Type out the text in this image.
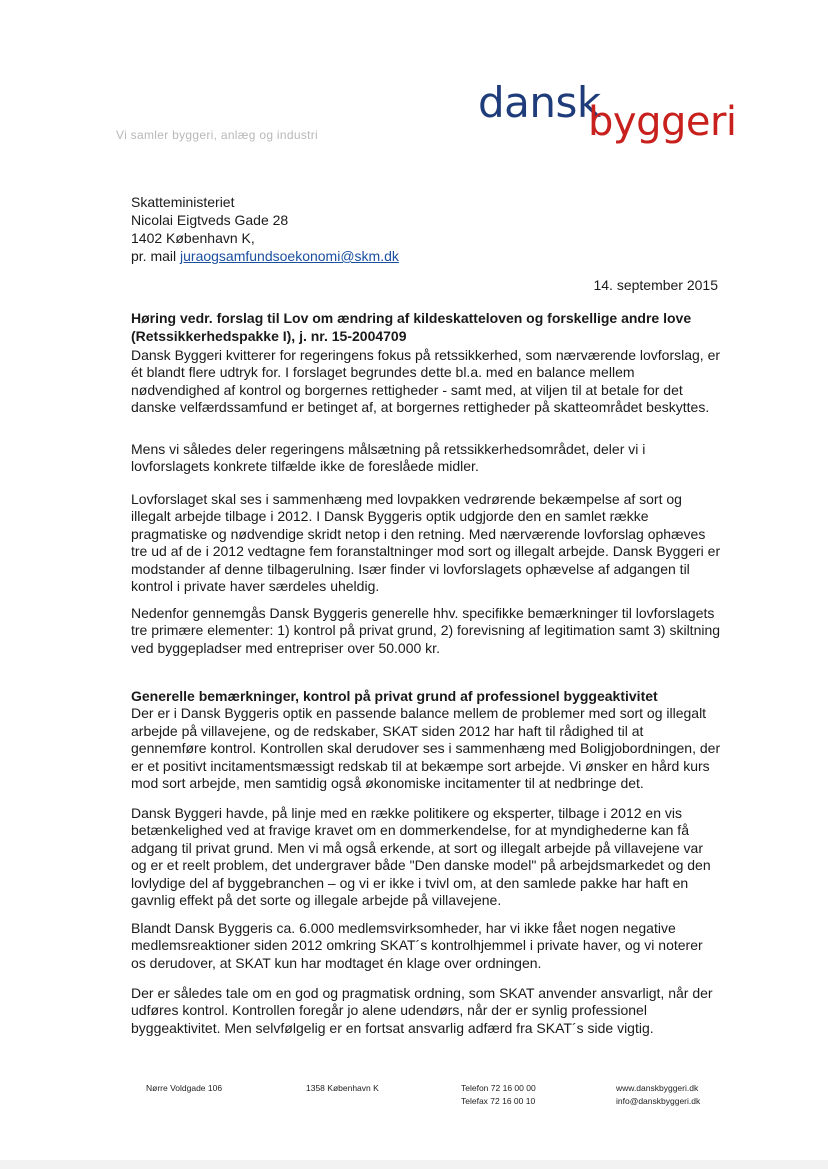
Vi samler byggeri, anlæg og industri
dansk
byggeri
Skatteministeriet
Nicolai Eigtveds Gade 28
1402 København K,
pr. mail juraogsamfundsoekonomi@skm.dk
14. september 2015
Høring vedr. forslag til Lov om ændring af kildeskatteloven og forskellige andre love (Retssikkerhedspakke I), j. nr. 15-2004709
Dansk Byggeri kvitterer for regeringens fokus på retssikkerhed, som nærværende lovforslag, er ét blandt flere udtryk for. I forslaget begrundes dette bl.a. med en balance mellem nødvendighed af kontrol og borgernes rettigheder - samt med, at viljen til at betale for det danske velfærdssamfund er betinget af, at borgernes rettigheder på skatteområdet beskyttes.
Mens vi således deler regeringens målsætning på retssikkerhedsområdet, deler vi i lovforslagets konkrete tilfælde ikke de foreslåede midler.
Lovforslaget skal ses i sammenhæng med lovpakken vedrørende bekæmpelse af sort og illegalt arbejde tilbage i 2012. I Dansk Byggeris optik udgjorde den en samlet række pragmatiske og nødvendige skridt netop i den retning. Med nærværende lovforslag ophæves tre ud af de i 2012 vedtagne fem foranstaltninger mod sort og illegalt arbejde. Dansk Byggeri er modstander af denne tilbagerulning. Især finder vi lovforslagets ophævelse af adgangen til kontrol i private haver særdeles uheldig.
Nedenfor gennemgås Dansk Byggeris generelle hhv. specifikke bemærkninger til lovforslagets tre primære elementer: 1) kontrol på privat grund, 2) forevisning af legitimation samt 3) skiltning ved byggepladser med entrepriser over 50.000 kr.
Generelle bemærkninger, kontrol på privat grund af professionel byggeaktivitet
Der er i Dansk Byggeris optik en passende balance mellem de problemer med sort og illegalt arbejde på villavejene, og de redskaber, SKAT siden 2012 har haft til rådighed til at gennemføre kontrol. Kontrollen skal derudover ses i sammenhæng med Boligjobordningen, der er et positivt incitamentsmæssigt redskab til at bekæmpe sort arbejde. Vi ønsker en hård kurs mod sort arbejde, men samtidig også økonomiske incitamenter til at nedbringe det.
Dansk Byggeri havde, på linje med en række politikere og eksperter, tilbage i 2012 en vis betænkelighed ved at fravige kravet om en dommerkendelse, for at myndighederne kan få adgang til privat grund. Men vi må også erkende, at sort og illegalt arbejde på villavejene var og er et reelt problem, det undergraver både "Den danske model" på arbejdsmarkedet og den lovlydige del af byggebranchen – og vi er ikke i tvivl om, at den samlede pakke har haft en gavnlig effekt på det sorte og illegale arbejde på villavejene.
Blandt Dansk Byggeris ca. 6.000 medlemsvirksomheder, har vi ikke fået nogen negative medlemsreaktioner siden 2012 omkring SKAT´s kontrolhjemmel i private haver, og vi noterer os derudover, at SKAT kun har modtaget én klage over ordningen.
Der er således tale om en god og pragmatisk ordning, som SKAT anvender ansvarligt, når der udføres kontrol. Kontrollen foregår jo alene udendørs, når der er synlig professionel byggeaktivitet. Men selvfølgelig er en fortsat ansvarlig adfærd fra SKAT´s side vigtig.
Nørre Voldgade 106	1358 København K	Telefon 72 16 00 00
Telefax 72 16 00 10
www.danskbyggeri.dk
info@danskbyggeri.dk
